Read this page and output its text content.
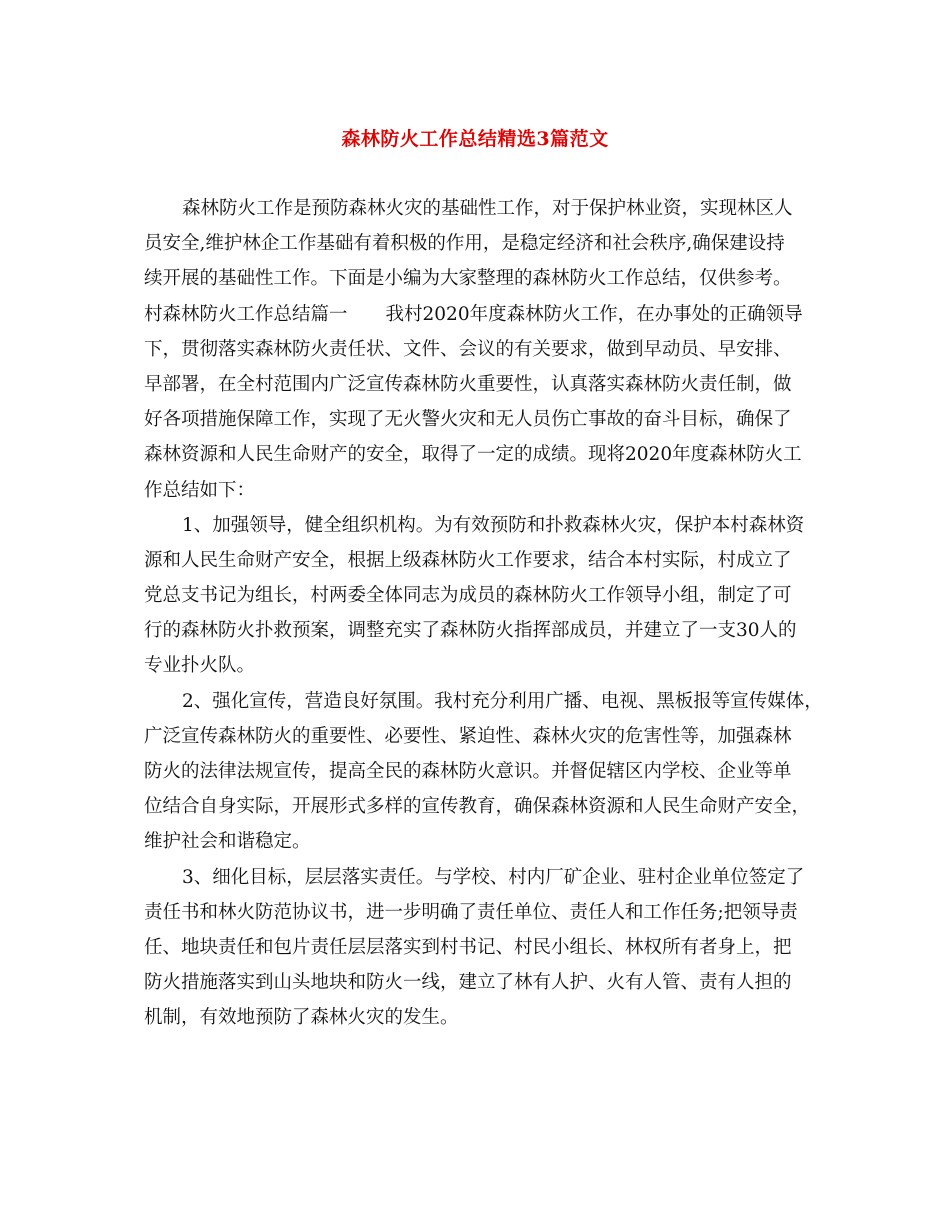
森林防火工作总结精选3篇范文
森林防火工作是预防森林火灾的基础性工作，对于保护林业资，实现林区人
员安全,维护林企工作基础有着积极的作用，是稳定经济和社会秩序,确保建设持
续开展的基础性工作。下面是小编为大家整理的森林防火工作总结，仅供参考。
村森林防火工作总结篇一 我村2020年度森林防火工作，在办事处的正确领导
下，贯彻落实森林防火责任状、文件、会议的有关要求，做到早动员、早安排、
早部署，在全村范围内广泛宣传森林防火重要性，认真落实森林防火责任制，做
好各项措施保障工作，实现了无火警火灾和无人员伤亡事故的奋斗目标，确保了
森林资源和人民生命财产的安全，取得了一定的成绩。现将2020年度森林防火工
作总结如下：
1、加强领导，健全组织机构。为有效预防和扑救森林火灾，保护本村森林资
源和人民生命财产安全，根据上级森林防火工作要求，结合本村实际，村成立了
党总支书记为组长，村两委全体同志为成员的森林防火工作领导小组，制定了可
行的森林防火扑救预案，调整充实了森林防火指挥部成员，并建立了一支30人的
专业扑火队。
2、强化宣传，营造良好氛围。我村充分利用广播、电视、黑板报等宣传媒体，
广泛宣传森林防火的重要性、必要性、紧迫性、森林火灾的危害性等，加强森林
防火的法律法规宣传，提高全民的森林防火意识。并督促辖区内学校、企业等单
位结合自身实际，开展形式多样的宣传教育，确保森林资源和人民生命财产安全，
维护社会和谐稳定。
3、细化目标，层层落实责任。与学校、村内厂矿企业、驻村企业单位签定了
责任书和林火防范协议书，进一步明确了责任单位、责任人和工作任务;把领导责
任、地块责任和包片责任层层落实到村书记、村民小组长、林权所有者身上，把
防火措施落实到山头地块和防火一线，建立了林有人护、火有人管、责有人担的
机制，有效地预防了森林火灾的发生。
